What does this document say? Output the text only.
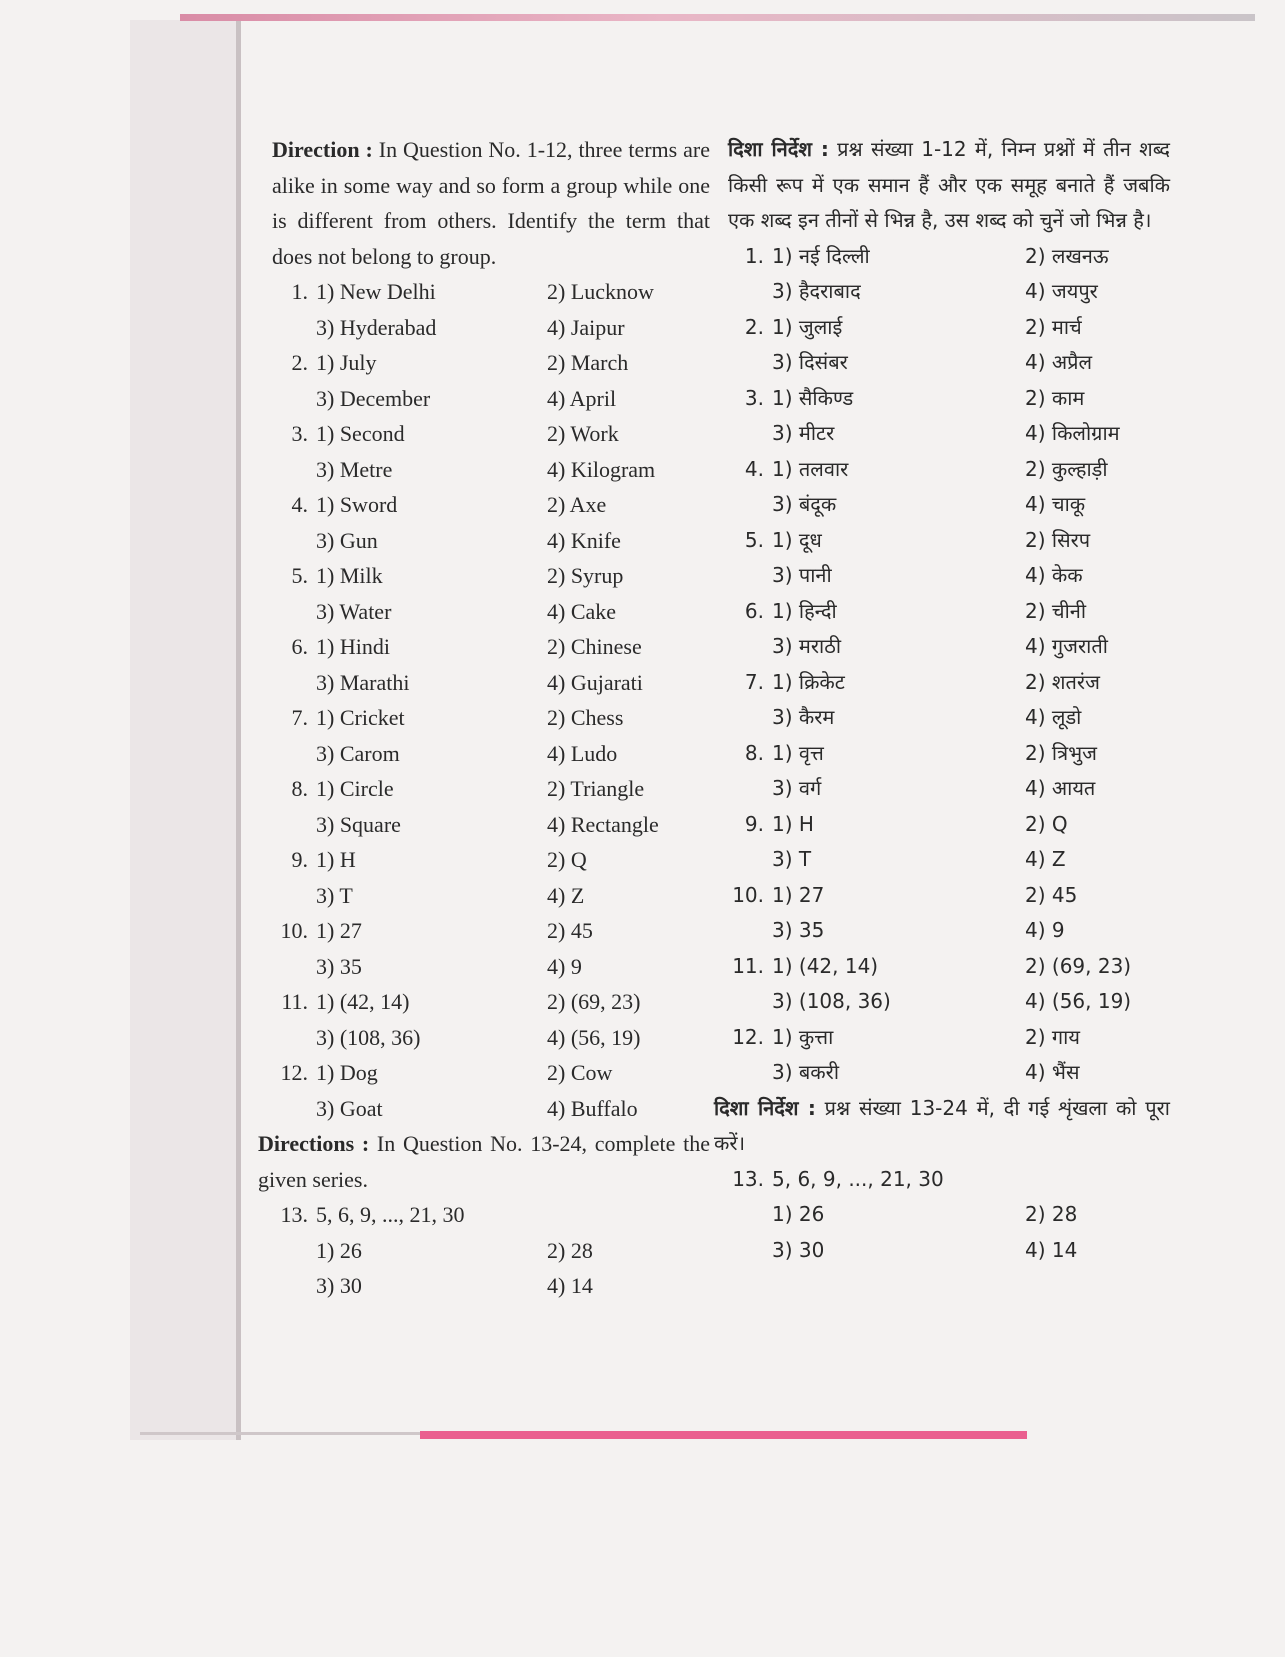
Direction : In Question No. 1-12, three terms are alike in some way and so form a group while one is different from others. Identify the term that does not belong to group.

1. 1) New Delhi	2) Lucknow
3) Hyderabad	4) Jaipur
2. 1) July	2) March
3) December	4) April
3. 1) Second	2) Work
3) Metre	4) Kilogram
4. 1) Sword	2) Axe
3) Gun	4) Knife
5. 1) Milk	2) Syrup
3) Water	4) Cake
6. 1) Hindi	2) Chinese
3) Marathi	4) Gujarati
7. 1) Cricket	2) Chess
3) Carom	4) Ludo
8. 1) Circle	2) Triangle
3) Square	4) Rectangle
9. 1) H	2) Q
3) T	4) Z
10. 1) 27	2) 45
3) 35	4) 9
11. 1) (42, 14)	2) (69, 23)
3) (108, 36)	4) (56, 19)
12. 1) Dog	2) Cow
3) Goat	4) Buffalo

Directions : In Question No. 13-24, complete the given series.

13. 5, 6, 9, ..., 21, 30
1) 26	2) 28
3) 30	4) 14

दिशा निर्देश : प्रश्न संख्या 1-12 में, निम्न प्रश्नों में तीन शब्द किसी रूप में एक समान हैं और एक समूह बनाते हैं जबकि एक शब्द इन तीनों से भिन्न है, उस शब्द को चुनें जो भिन्न है।

1. 1) नई दिल्ली	2) लखनऊ
3) हैदराबाद	4) जयपुर
2. 1) जुलाई	2) मार्च
3) दिसंबर	4) अप्रैल
3. 1) सैकिण्ड	2) काम
3) मीटर	4) किलोग्राम
4. 1) तलवार	2) कुल्हाड़ी
3) बंदूक	4) चाकू
5. 1) दूध	2) सिरप
3) पानी	4) केक
6. 1) हिन्दी	2) चीनी
3) मराठी	4) गुजराती
7. 1) क्रिकेट	2) शतरंज
3) कैरम	4) लूडो
8. 1) वृत्त	2) त्रिभुज
3) वर्ग	4) आयत
9. 1) H	2) Q
3) T	4) Z
10. 1) 27	2) 45
3) 35	4) 9
11. 1) (42, 14)	2) (69, 23)
3) (108, 36)	4) (56, 19)
12. 1) कुत्ता	2) गाय
3) बकरी	4) भैंस

दिशा निर्देश : प्रश्न संख्या 13-24 में, दी गई शृंखला को पूरा करें।

13. 5, 6, 9, ..., 21, 30
1) 26	2) 28
3) 30	4) 14
